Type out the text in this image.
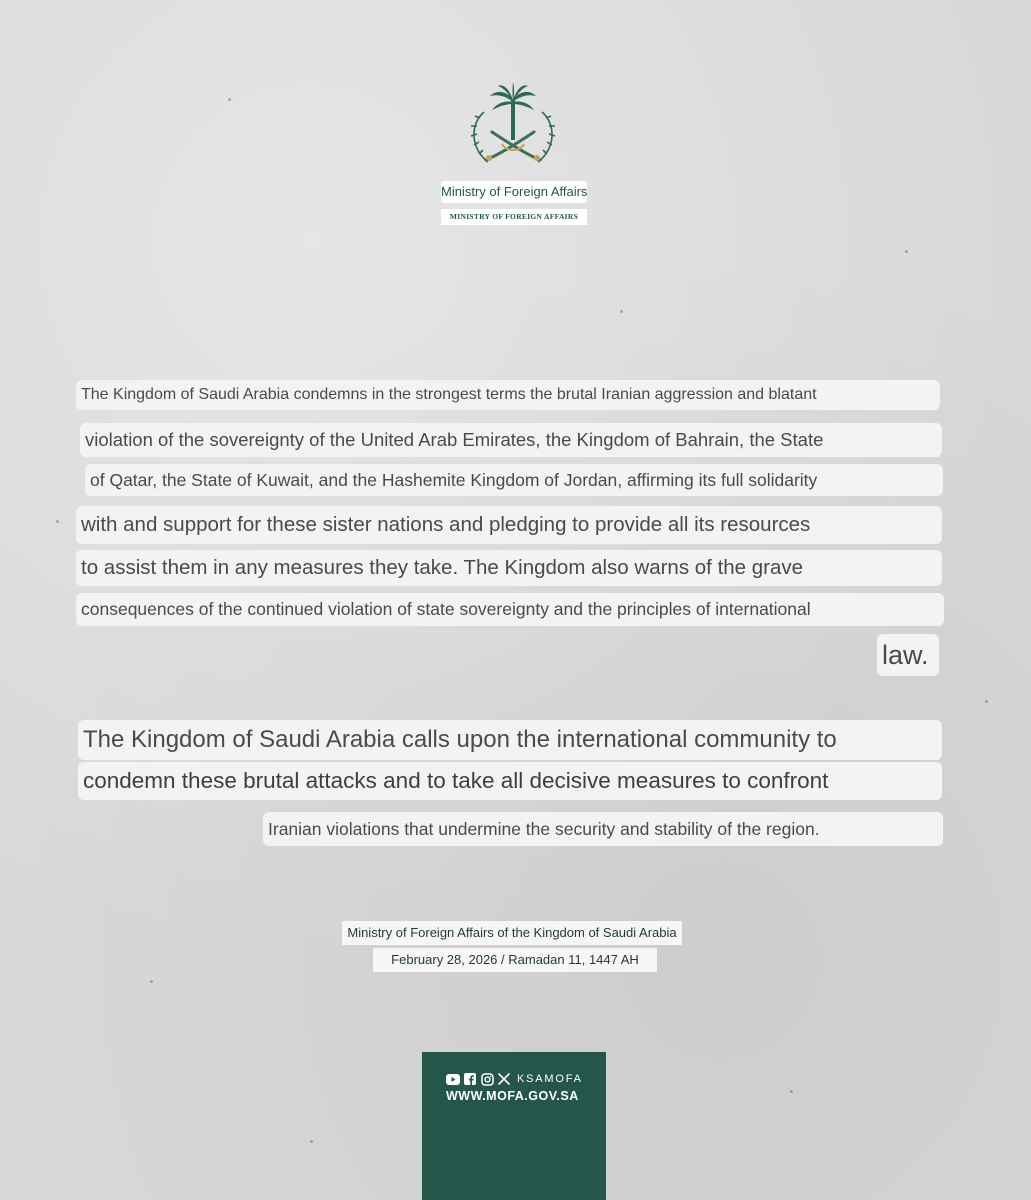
Ministry of Foreign Affairs
MINISTRY OF FOREIGN AFFAIRS
The Kingdom of Saudi Arabia condemns in the strongest terms the brutal Iranian aggression and blatant
violation of the sovereignty of the United Arab Emirates, the Kingdom of Bahrain, the State
of Qatar, the State of Kuwait, and the Hashemite Kingdom of Jordan, affirming its full solidarity
with and support for these sister nations and pledging to provide all its resources
to assist them in any measures they take. The Kingdom also warns of the grave
consequences of the continued violation of state sovereignty and the principles of international
law.
The Kingdom of Saudi Arabia calls upon the international community to
condemn these brutal attacks and to take all decisive measures to confront
Iranian violations that undermine the security and stability of the region.
Ministry of Foreign Affairs of the Kingdom of Saudi Arabia
February 28, 2026 / Ramadan 11, 1447 AH
KSAMOFA
WWW.MOFA.GOV.SA
